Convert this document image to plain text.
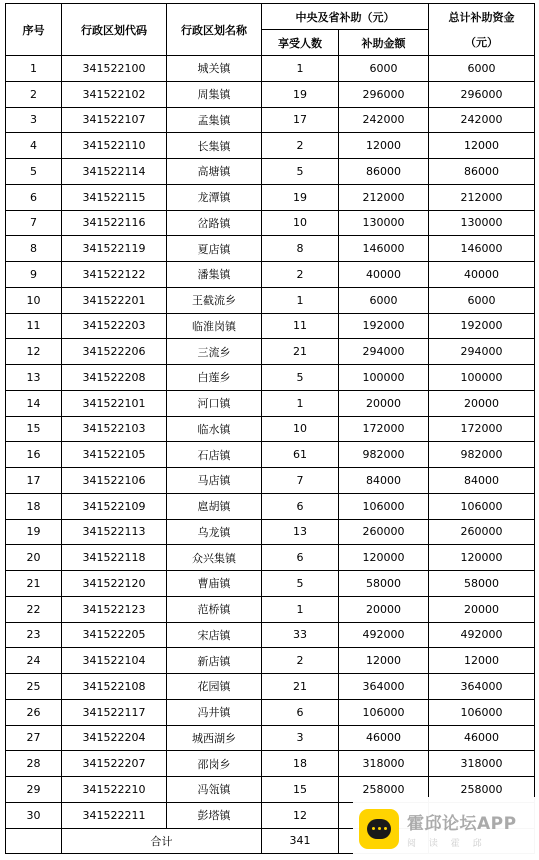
序号	行政区划代码	行政区划名称	中央及省补助（元）		总计补助资金（元）
			享受人数	补助金额	
1	341522100	城关镇	1	6000	6000
2	341522102	周集镇	19	296000	296000
3	341522107	孟集镇	17	242000	242000
4	341522110	长集镇	2	12000	12000
5	341522114	高塘镇	5	86000	86000
6	341522115	龙潭镇	19	212000	212000
7	341522116	岔路镇	10	130000	130000
8	341522119	夏店镇	8	146000	146000
9	341522122	潘集镇	2	40000	40000
10	341522201	王截流乡	1	6000	6000
11	341522203	临淮岗镇	11	192000	192000
12	341522206	三流乡	21	294000	294000
13	341522208	白莲乡	5	100000	100000
14	341522101	河口镇	1	20000	20000
15	341522103	临水镇	10	172000	172000
16	341522105	石店镇	61	982000	982000
17	341522106	马店镇	7	84000	84000
18	341522109	扈胡镇	6	106000	106000
19	341522113	乌龙镇	13	260000	260000
20	341522118	众兴集镇	6	120000	120000
21	341522120	曹庙镇	5	58000	58000
22	341522123	范桥镇	1	20000	20000
23	341522205	宋店镇	33	492000	492000
24	341522104	新店镇	2	12000	12000
25	341522108	花园镇	21	364000	364000
26	341522117	冯井镇	6	106000	106000
27	341522204	城西湖乡	3	46000	46000
28	341522207	邵岗乡	18	318000	318000
29	341522210	冯瓴镇	15	258000	258000
30	341522211	彭塔镇	12		
	合计		341		
霍邱论坛APP
阅 读 霍 邱
